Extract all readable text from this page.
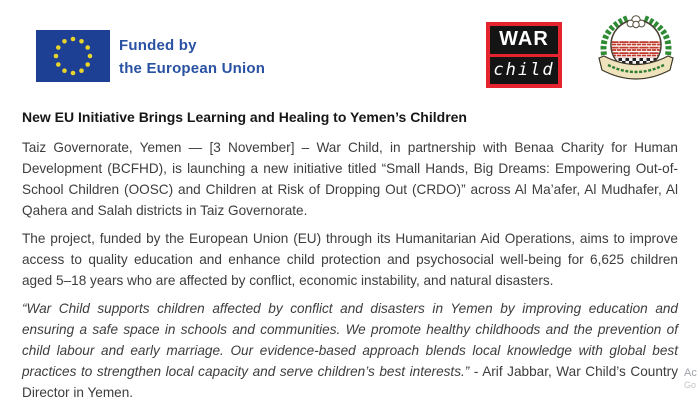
Funded by
the European Union
WAR
child
New EU Initiative Brings Learning and Healing to Yemen’s Children

Taiz Governorate, Yemen — [3 November] – War Child, in partnership with Benaa Charity for Human Development (BCFHD), is launching a new initiative titled “Small Hands, Big Dreams: Empowering Out-of-School Children (OOSC) and Children at Risk of Dropping Out (CRDO)” across Al Ma’afer, Al Mudhafer, Al Qahera and Salah districts in Taiz Governorate.

The project, funded by the European Union (EU) through its Humanitarian Aid Operations, aims to improve access to quality education and enhance child protection and psychosocial well-being for 6,625 children aged 5–18 years who are affected by conflict, economic instability, and natural disasters.

“War Child supports children affected by conflict and disasters in Yemen by improving education and ensuring a safe space in schools and communities. We promote healthy childhoods and the prevention of child labour and early marriage. Our evidence-based approach blends local knowledge with global best practices to strengthen local capacity and serve children’s best interests.” - Arif Jabbar, War Child’s Country Director in Yemen.

Ac
Go
